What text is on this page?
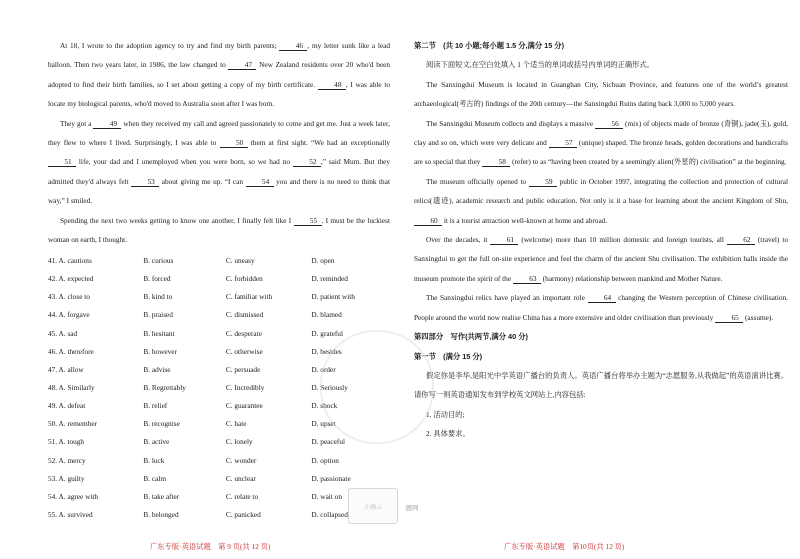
At 18, I wrote to the adoption agency to try and find my birth parents;	46 , my letter sunk like a lead balloon. Then two years later, in 1986, the law changed to	47 New Zealand residents over 20 who'd been adopted to find their birth families, so I set about getting a copy of my birth certificate.	48 , I was able to locate my biological parents, who'd moved to Australia soon after I was born.

They got a	49 when they received my call and agreed passionately to come and get me. Just a week later, they flew to where I lived. Surprisingly, I was able to	50 them at first sight. “We had an exceptionally 51 life, your dad and I unemployed when you were born, so we had no	52 ,” said Mum. But they admitted they'd always felt	53 about giving me up. “I can	54 you and there is no need to think that way,” I smiled.

Spending the next two weeks getting to know one another, I finally felt like I	55 . I must be the luckiest woman on earth, I thought.

41. A. cautions	B. curious	C. uneasy	D. open
42. A. expected	B. forced	C. forbidden	D. reminded
43. A. close to	B. kind to	C. familiar with	D. patient with
44. A. forgave	B. praised	C. dismissed	D. blamed
45. A. sad	B. hesitant	C. desperate	D. grateful
46. A. therefore	B. however	C. otherwise	D. besides
47. A. allow	B. advise	C. persuade	D. order
48. A. Similarly	B. Regrettably	C. Incredibly	D. Seriously
49. A. defeat	B. relief	C. guarantee	D. shock
50. A. remember	B. recognise	C. hate	D. upset
51. A. tough	B. active	C. lonely	D. peaceful
52. A. mercy	B. luck	C. wonder	D. option
53. A. guilty	B. calm	C. unclear	D. passionate
54. A. agree with	B. take after	C. relate to	D. wait on
55. A. survived	B. belonged	C. panicked	D. collapsed
广东专版·英语试题　第 9 页(共 12 页)

第二节　(共 10 小题;每小题 1.5 分,满分 15 分)

阅读下面短文,在空白处填入 1 个适当的单词或括号内单词的正确形式。

The Sanxingdui Museum is located in Guanghan City, Sichuan Province, and features one of the world’s greatest archaeological(考古的) findings of the 20th century—the Sanxingdui Ruins dating back 3,000 to 5,000 years.

The Sanxingdui Museum collects and displays a massive	56 (mix) of objects made of bronze (青铜), jade(玉), gold, clay and so on, which were very delicate and	57 (unique) shaped. The bronze heads, golden decorations and handicrafts are so special that they 58 (refer) to as “having been created by a seemingly alien(外星的) civilisation” at the beginning.

The museum officially opened to	59 public in October 1997, integrating the collection and protection of cultural relics(遗迹), academic research and public education. Not only is it a base for learning about the ancient Kingdom of Shu, 60 it is a tourist attraction well-known at home and abroad.

Over the decades, it	61 (welcome) more than 10 million domestic and foreign tourists, all	62 (travel) to Sanxingdui to get the full on-site experience and feel the charm of the ancient Shu civilisation. The exhibition halls inside the museum promote the spirit of the 63 (harmony) relationship between mankind and Mother Nature.

The Sanxingdui relics have played an important role	64 changing the Western perception of Chinese civilisation. People around the world now realise China has a more extensive and older civilisation than previously 65 (assume).

第四部分　写作(共两节,满分 40 分)

第一节　(满分 15 分)

假定你是李华,是阳光中学英语广播台的负责人。英语广播台将举办主题为“志愿服务,从我做起”的英语演讲比赛。请你写一则英语通知发布到学校英文网站上,内容包括:

1. 活动目的;

2. 具体要求。

广东专版·英语试题　第10页(共 12 页)
正确云	题网
